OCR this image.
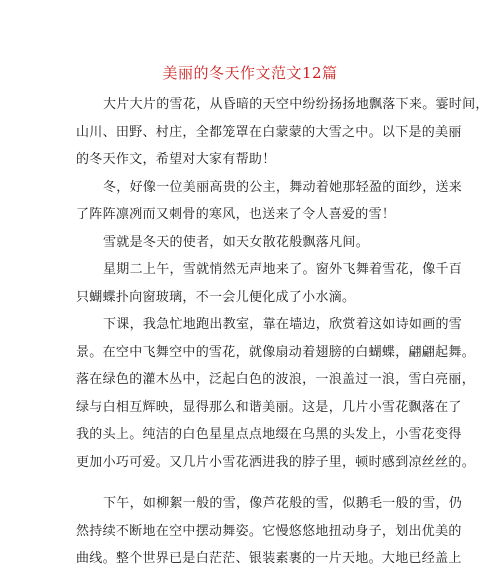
美丽的冬天作文范文12篇

大片大片的雪花，从昏暗的天空中纷纷扬扬地飘落下来。霎时间，
山川、田野、村庄，全都笼罩在白蒙蒙的大雪之中。以下是的美丽
的冬天作文，希望对大家有帮助！

冬，好像一位美丽高贵的公主，舞动着她那轻盈的面纱，送来
了阵阵凛冽而又刺骨的寒风，也送来了令人喜爱的雪！

雪就是冬天的使者，如天女散花般飘落凡间。

星期二上午，雪就悄然无声地来了。窗外飞舞着雪花，像千百
只蝴蝶扑向窗玻璃，不一会儿便化成了小水滴。

下课，我急忙地跑出教室，靠在墙边，欣赏着这如诗如画的雪
景。在空中飞舞空中的雪花，就像扇动着翅膀的白蝴蝶，翩翩起舞。
落在绿色的灌木丛中，泛起白色的波浪，一浪盖过一浪，雪白亮丽，
绿与白相互辉映，显得那么和谐美丽。这是，几片小雪花飘落在了
我的头上。纯洁的白色星星点点地缀在乌黑的头发上，小雪花变得
更加小巧可爱。又几片小雪花洒进我的脖子里，顿时感到凉丝丝的。

下午，如柳絮一般的雪，像芦花般的雪，似鹅毛一般的雪，仍
然持续不断地在空中摆动舞姿。它慢悠悠地扭动身子，划出优美的
曲线。整个世界已是白茫茫、银装素裹的一片天地。大地已经盖上
